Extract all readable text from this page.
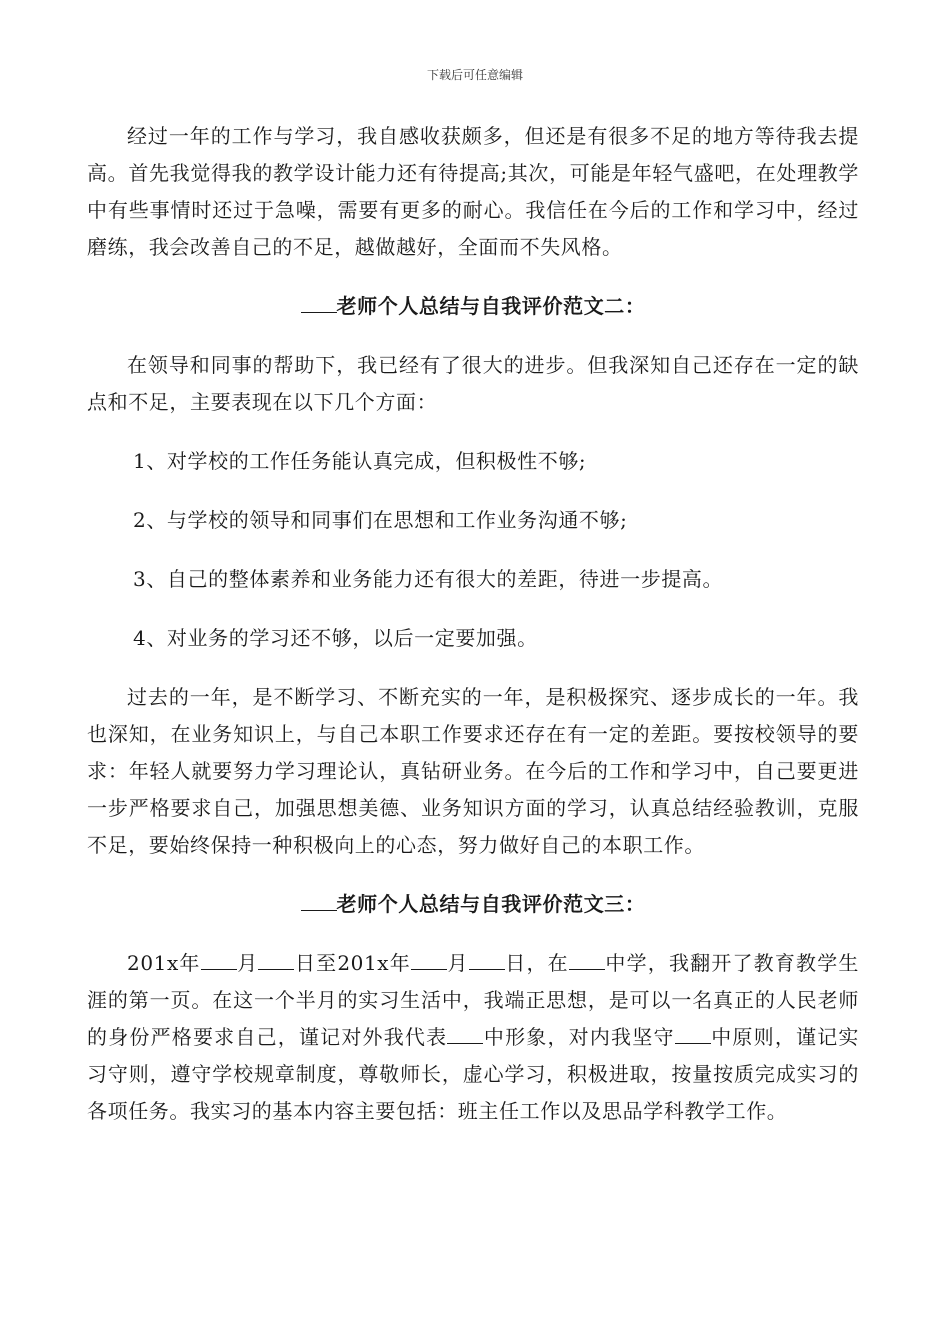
下载后可任意编辑

经过一年的工作与学习，我自感收获颇多，但还是有很多不足的地方等待我去提高。首先我觉得我的教学设计能力还有待提高;其次，可能是年轻气盛吧，在处理教学中有些事情时还过于急噪，需要有更多的耐心。我信任在今后的工作和学习中，经过磨练，我会改善自己的不足，越做越好，全面而不失风格。

老师个人总结与自我评价范文二：

在领导和同事的帮助下，我已经有了很大的进步。但我深知自己还存在一定的缺点和不足，主要表现在以下几个方面：

1、对学校的工作任务能认真完成，但积极性不够;

2、与学校的领导和同事们在思想和工作业务沟通不够;

3、自己的整体素养和业务能力还有很大的差距，待进一步提高。

4、对业务的学习还不够，以后一定要加强。

过去的一年，是不断学习、不断充实的一年，是积极探究、逐步成长的一年。我也深知，在业务知识上，与自己本职工作要求还存在有一定的差距。要按校领导的要求：年轻人就要努力学习理论认，真钻研业务。在今后的工作和学习中，自己要更进一步严格要求自己，加强思想美德、业务知识方面的学习，认真总结经验教训，克服不足，要始终保持一种积极向上的心态，努力做好自己的本职工作。

老师个人总结与自我评价范文三：

201x年 月 日至201x年 月 日，在 中学，我翻开了教育教学生涯的第一页。在这一个半月的实习生活中，我端正思想，是可以一名真正的人民老师的身份严格要求自己，谨记对外我代表 中形象，对内我坚守 中原则，谨记实习守则，遵守学校规章制度，尊敬师长，虚心学习，积极进取，按量按质完成实习的各项任务。我实习的基本内容主要包括：班主任工作以及思品学科教学工作。
